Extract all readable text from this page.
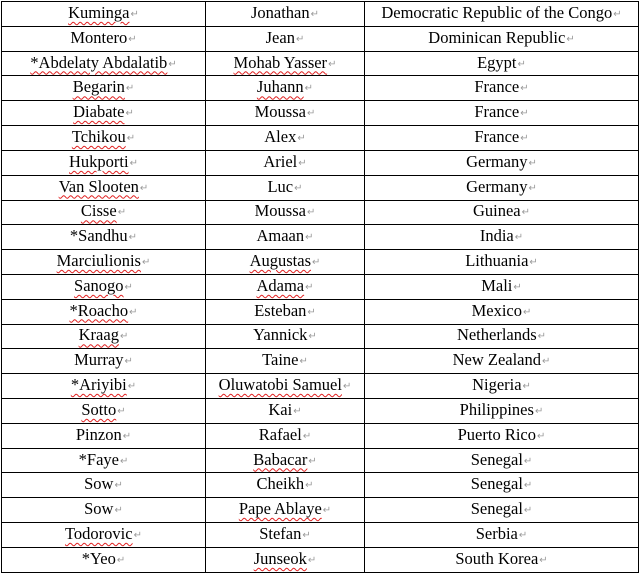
Kuminga↵	Jonathan↵	Democratic Republic of the Congo↵
Montero↵	Jean↵	Dominican Republic↵
*Abdelaty Abdalatib↵	Mohab Yasser↵	Egypt↵
Begarin↵	Juhann↵	France↵
Diabate↵	Moussa↵	France↵
Tchikou↵	Alex↵	France↵
Hukporti↵	Ariel↵	Germany↵
Van Slooten↵	Luc↵	Germany↵
Cisse↵	Moussa↵	Guinea↵
*Sandhu↵	Amaan↵	India↵
Marciulionis↵	Augustas↵	Lithuania↵
Sanogo↵	Adama↵	Mali↵
*Roacho↵	Esteban↵	Mexico↵
Kraag↵	Yannick↵	Netherlands↵
Murray↵	Taine↵	New Zealand↵
*Ariyibi↵	Oluwatobi Samuel↵	Nigeria↵
Sotto↵	Kai↵	Philippines↵
Pinzon↵	Rafael↵	Puerto Rico↵
*Faye↵	Babacar↵	Senegal↵
Sow↵	Cheikh↵	Senegal↵
Sow↵	Pape Ablaye↵	Senegal↵
Todorovic↵	Stefan↵	Serbia↵
*Yeo↵	Junseok↵	South Korea↵
